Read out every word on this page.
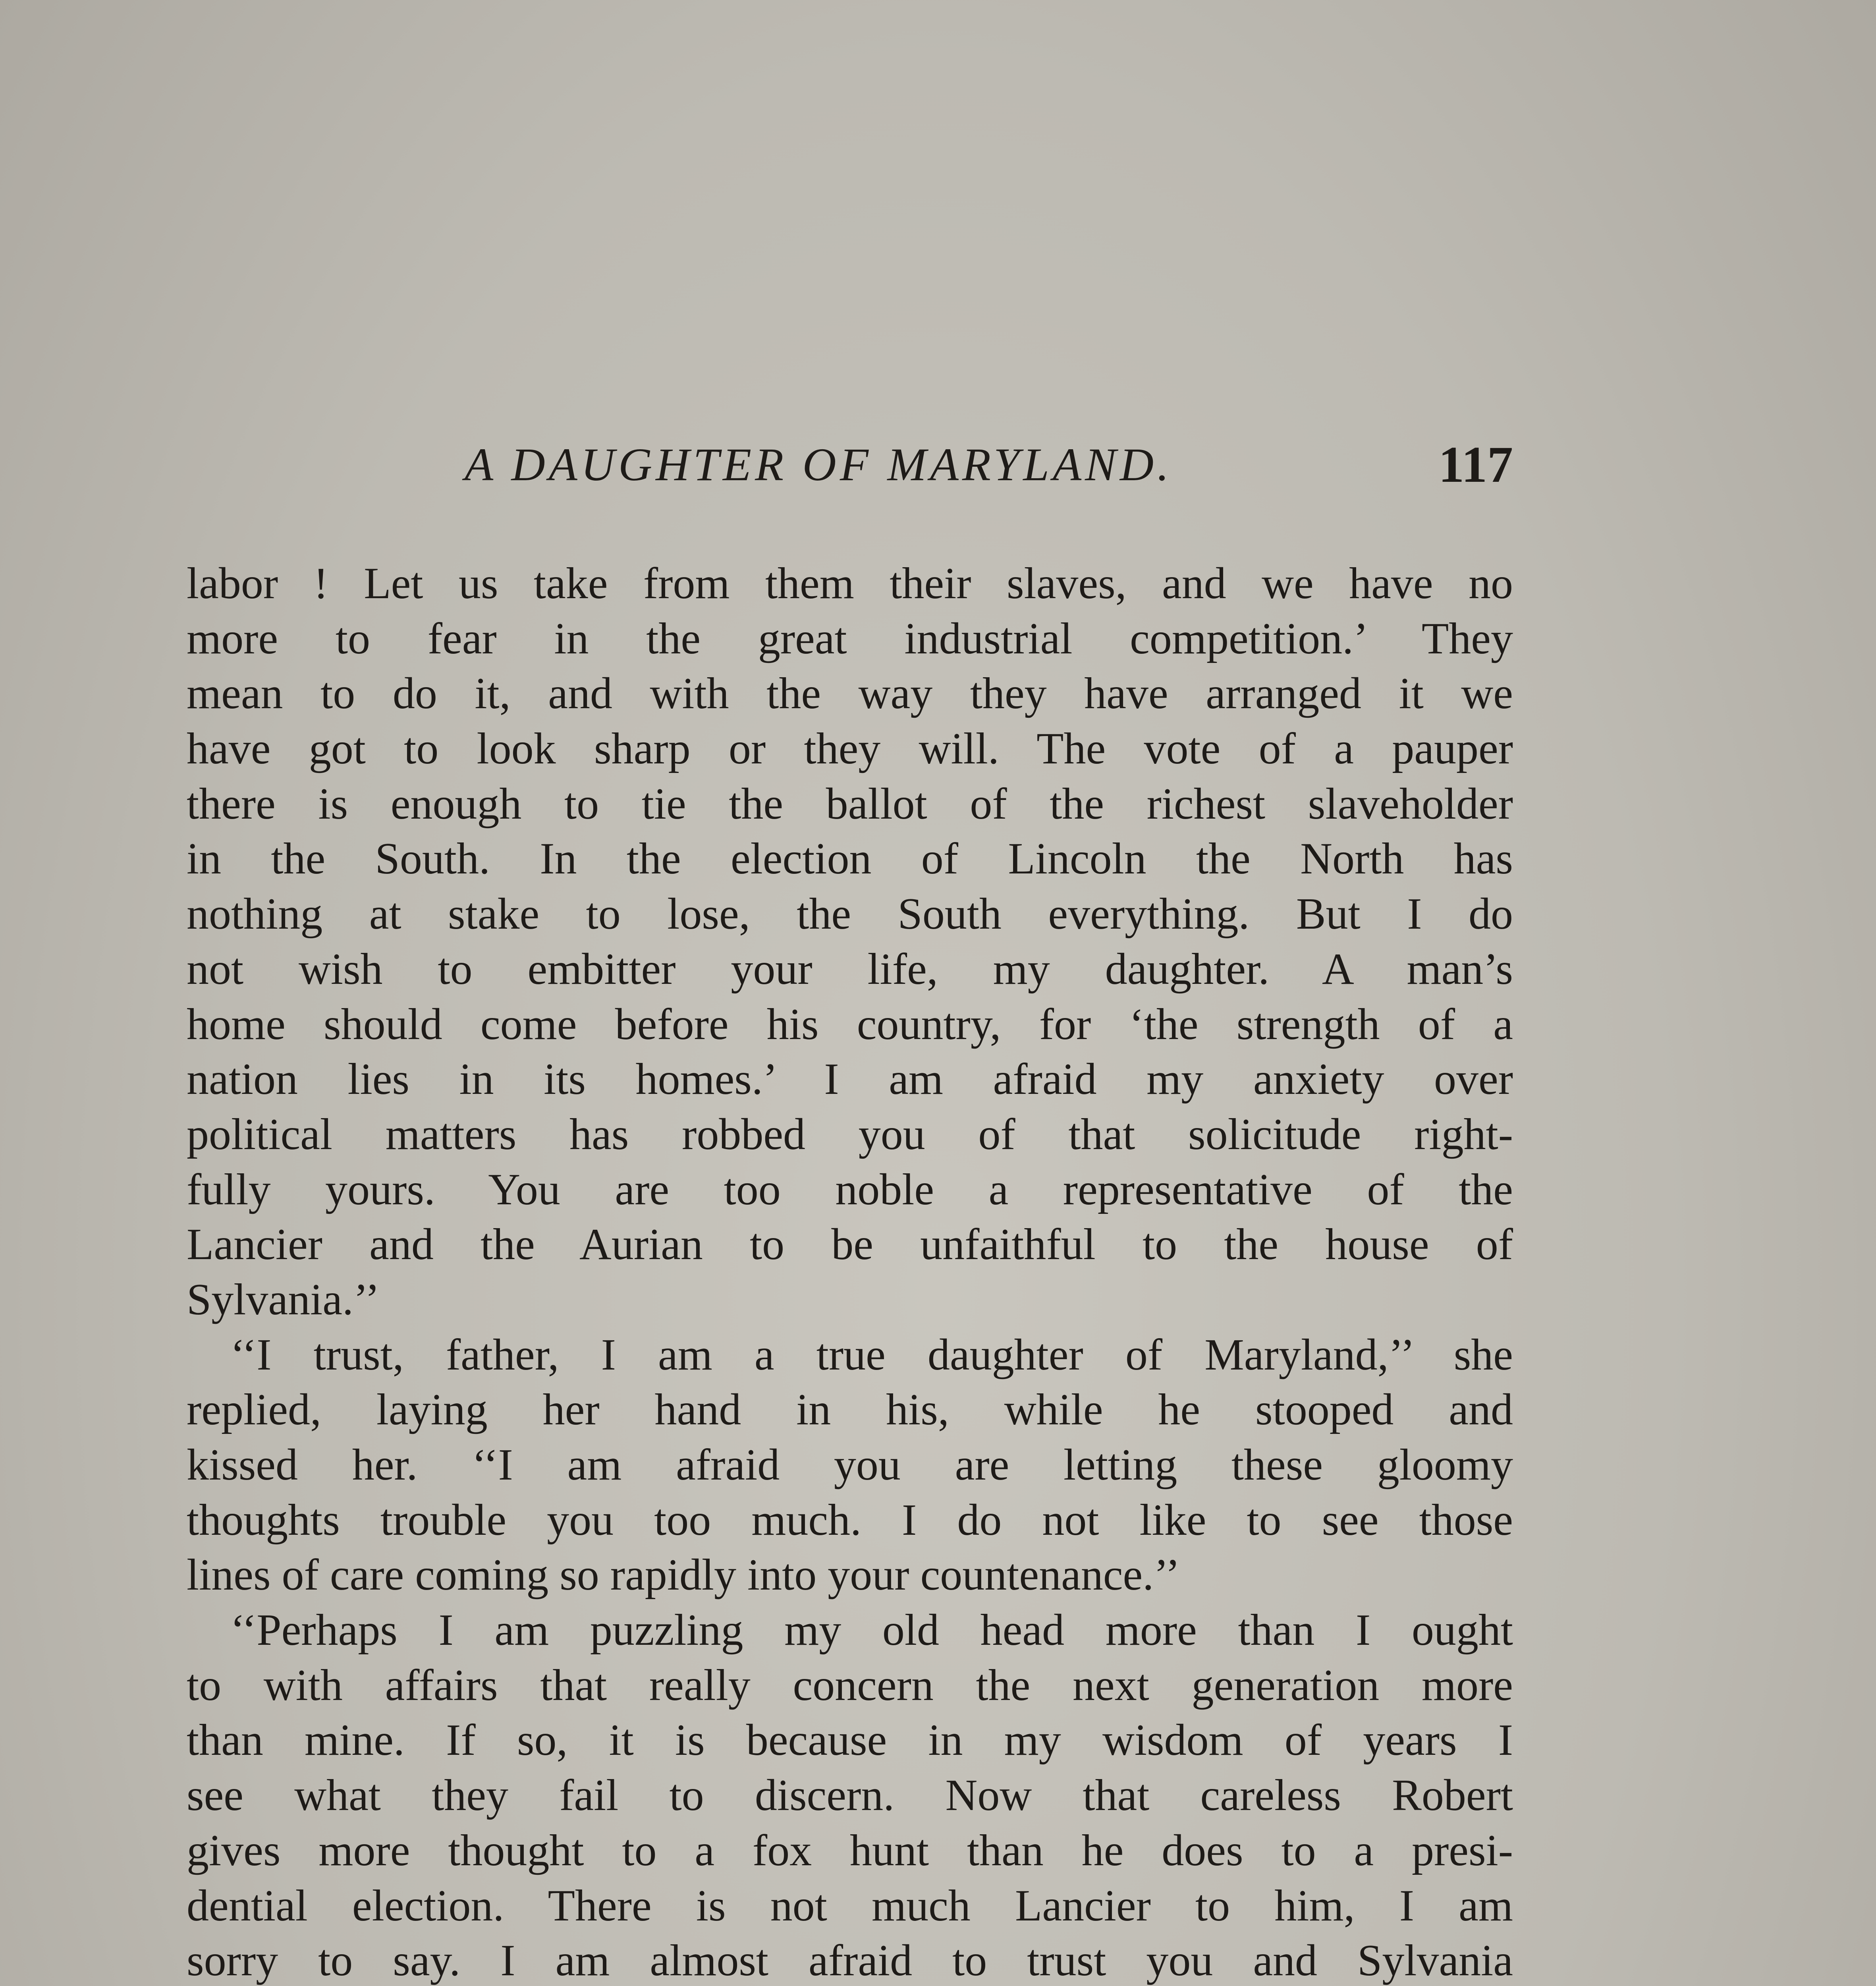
A DAUGHTER OF MARYLAND.	117
labor ! Let us take from them their slaves, and we have no
more to fear in the great industrial competition.’ They
mean to do it, and with the way they have arranged it we
have got to look sharp or they will. The vote of a pauper
there is enough to tie the ballot of the richest slaveholder
in the South. In the election of Lincoln the North has
nothing at stake to lose, the South everything. But I do
not wish to embitter your life, my daughter. A man’s
home should come before his country, for ‘the strength of a
nation lies in its homes.’ I am afraid my anxiety over
political matters has robbed you of that solicitude right-
fully yours. You are too noble a representative of the
Lancier and the Aurian to be unfaithful to the house of
Sylvania.’’
‘‘I trust, father, I am a true daughter of Maryland,’’ she
replied, laying her hand in his, while he stooped and
kissed her. ‘‘I am afraid you are letting these gloomy
thoughts trouble you too much. I do not like to see those
lines of care coming so rapidly into your countenance.’’
‘‘Perhaps I am puzzling my old head more than I ought
to with affairs that really concern the next generation more
than mine. If so, it is because in my wisdom of years I
see what they fail to discern. Now that careless Robert
gives more thought to a fox hunt than he does to a presi-
dential election. There is not much Lancier to him, I am
sorry to say. I am almost afraid to trust you and Sylvania
